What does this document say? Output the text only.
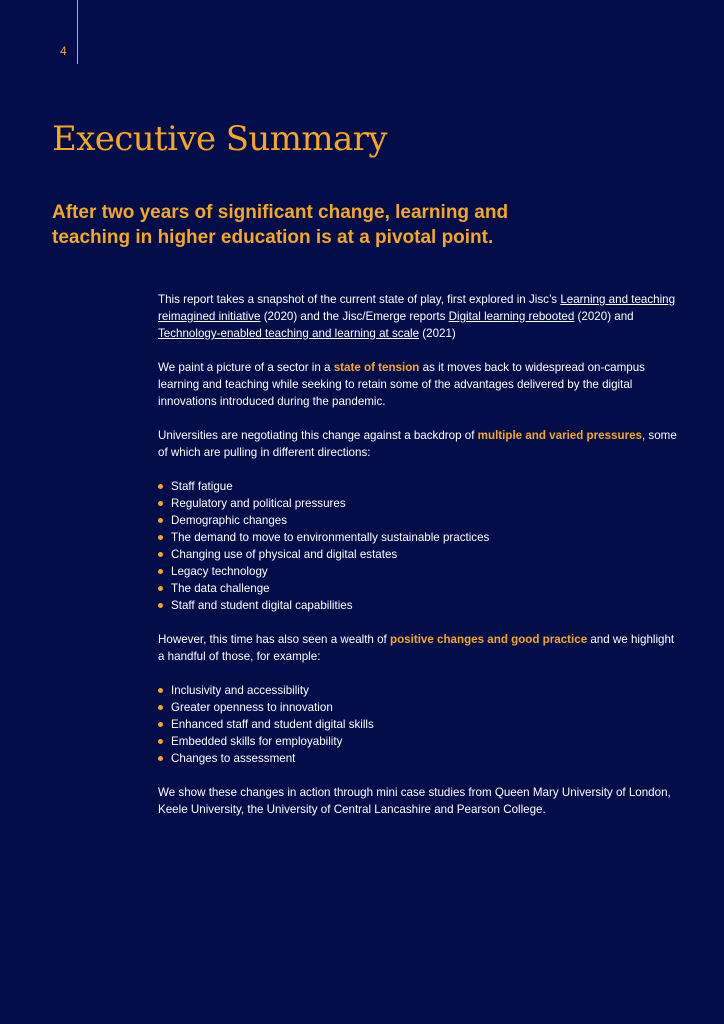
4
Executive Summary
After two years of significant change, learning and teaching in higher education is at a pivotal point.

This report takes a snapshot of the current state of play, first explored in Jisc’s Learning and teaching reimagined initiative (2020) and the Jisc/Emerge reports Digital learning rebooted (2020) and Technology-enabled teaching and learning at scale (2021)

We paint a picture of a sector in a state of tension as it moves back to widespread on-campus learning and teaching while seeking to retain some of the advantages delivered by the digital innovations introduced during the pandemic.

Universities are negotiating this change against a backdrop of multiple and varied pressures, some of which are pulling in different directions:

Staff fatigue
Regulatory and political pressures
Demographic changes
The demand to move to environmentally sustainable practices
Changing use of physical and digital estates
Legacy technology
The data challenge
Staff and student digital capabilities

However, this time has also seen a wealth of positive changes and good practice and we highlight a handful of those, for example:

Inclusivity and accessibility
Greater openness to innovation
Enhanced staff and student digital skills
Embedded skills for employability
Changes to assessment

We show these changes in action through mini case studies from Queen Mary University of London, Keele University, the University of Central Lancashire and Pearson College.
